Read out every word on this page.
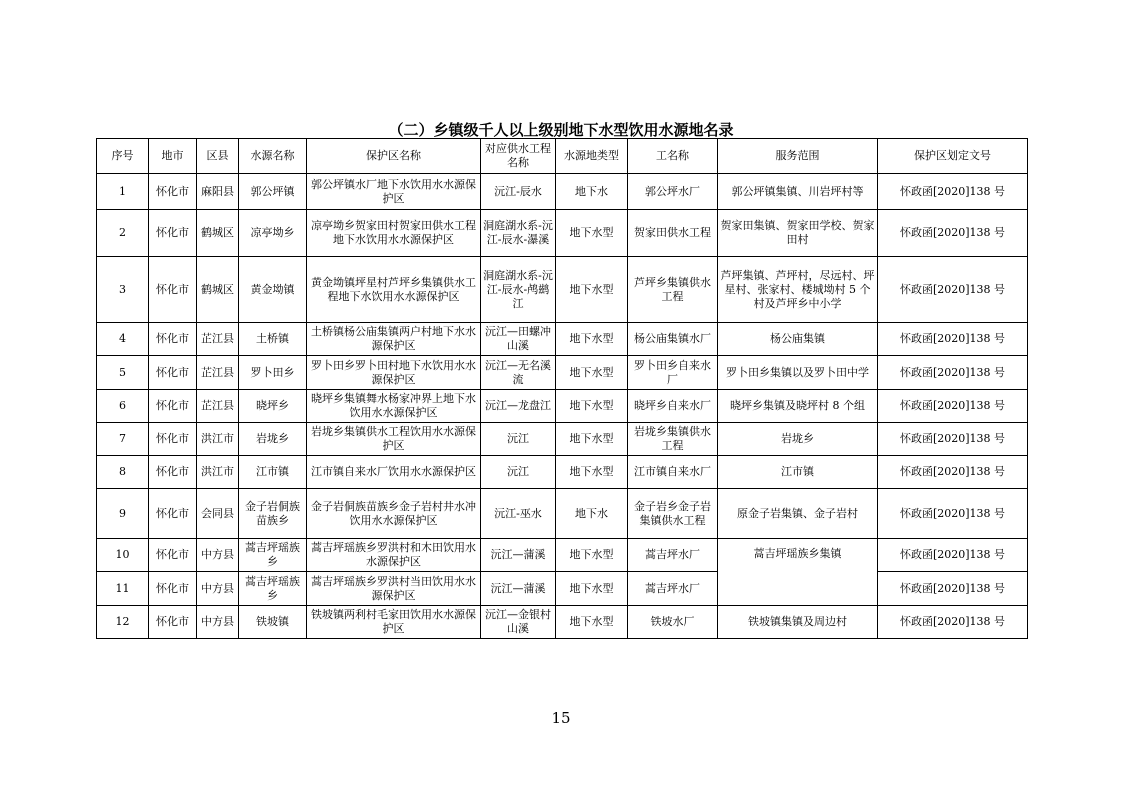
（二）乡镇级千人以上级别地下水型饮用水源地名录
序号	地市	区县	水源名称	保护区名称	对应供水工程名称	水源地类型	工名称	服务范围	保护区划定文号
1	怀化市	麻阳县	郭公坪镇	郭公坪镇水厂地下水饮用水水源保护区	沅江-辰水	地下水	郭公坪水厂	郭公坪镇集镇、川岩坪村等	怀政函[2020]138 号
2	怀化市	鹤城区	凉亭坳乡	凉亭坳乡贺家田村贺家田供水工程地下水饮用水水源保护区	洞庭湖水系-沅江-辰水-瀑溪	地下水型	贺家田供水工程	贺家田集镇、贺家田学校、贺家田村	怀政函[2020]138 号
3	怀化市	鹤城区	黄金坳镇	黄金坳镇坪星村芦坪乡集镇供水工程地下水饮用水水源保护区	洞庭湖水系-沅江-辰水-鸬鹚江	地下水型	芦坪乡集镇供水工程	芦坪集镇、芦坪村，尽远村、坪星村、张家村、楼城坳村 5 个村及芦坪乡中小学	怀政函[2020]138 号
4	怀化市	芷江县	土桥镇	土桥镇杨公庙集镇两户村地下水水源保护区	沅江—田螺冲山溪	地下水型	杨公庙集镇水厂	杨公庙集镇	怀政函[2020]138 号
5	怀化市	芷江县	罗卜田乡	罗卜田乡罗卜田村地下水饮用水水源保护区	沅江—无名溪流	地下水型	罗卜田乡自来水厂	罗卜田乡集镇以及罗卜田中学	怀政函[2020]138 号
6	怀化市	芷江县	晓坪乡	晓坪乡集镇舞水杨家冲界上地下水饮用水水源保护区	沅江—龙盘江	地下水型	晓坪乡自来水厂	晓坪乡集镇及晓坪村 8 个组	怀政函[2020]138 号
7	怀化市	洪江市	岩垅乡	岩垅乡集镇供水工程饮用水水源保护区	沅江	地下水型	岩垅乡集镇供水工程	岩垅乡	怀政函[2020]138 号
8	怀化市	洪江市	江市镇	江市镇自来水厂饮用水水源保护区	沅江	地下水型	江市镇自来水厂	江市镇	怀政函[2020]138 号
9	怀化市	会同县	金子岩侗族苗族乡	金子岩侗族苗族乡金子岩村井水冲饮用水水源保护区	沅江-巫水	地下水	金子岩乡金子岩集镇供水工程	原金子岩集镇、金子岩村	怀政函[2020]138 号
10	怀化市	中方县	蒿吉坪瑶族乡	蒿吉坪瑶族乡罗洪村和木田饮用水水源保护区	沅江—蒲溪	地下水型	蒿吉坪水厂	蒿吉坪瑶族乡集镇	怀政函[2020]138 号
11	怀化市	中方县	蒿吉坪瑶族乡	蒿吉坪瑶族乡罗洪村当田饮用水水源保护区	沅江—蒲溪	地下水型	蒿吉坪水厂		怀政函[2020]138 号
12	怀化市	中方县	铁坡镇	铁坡镇两利村毛家田饮用水水源保护区	沅江—金银村山溪	地下水型	铁坡水厂	铁坡镇集镇及周边村	怀政函[2020]138 号
15
